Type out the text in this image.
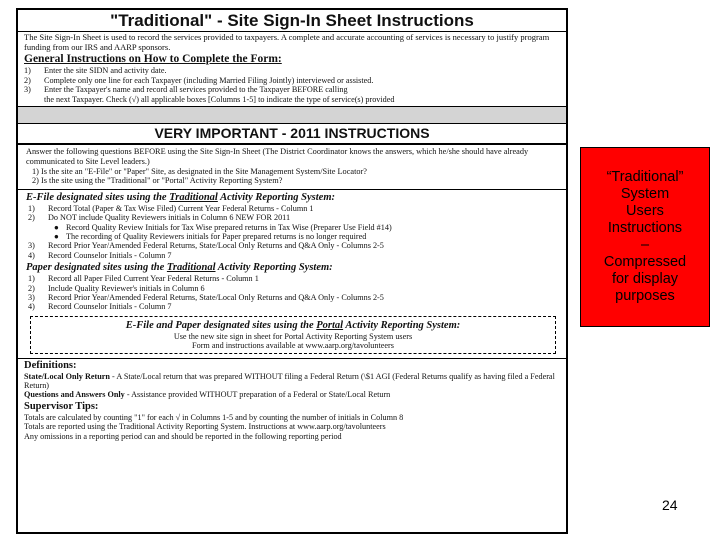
"Traditional" - Site Sign-In Sheet Instructions
The Site Sign-In Sheet is used to record the services provided to taxpayers. A complete and accurate accounting of services is necessary to justify program funding from our IRS and AARP sponsors.
General Instructions on How to Complete the Form:
1)	Enter the site SIDN and activity date.
2)	Complete only one line for each Taxpayer (including Married Filing Jointly) interviewed or assisted.
3)	Enter the Taxpayer's name and record all services provided to the Taxpayer BEFORE calling
the next Taxpayer. Check (√) all applicable boxes [Columns 1-5] to indicate the type of service(s) provided
VERY IMPORTANT - 2011 INSTRUCTIONS
Answer the following questions BEFORE using the Site Sign-In Sheet (The District Coordinator knows the answers, which he/she should have already communicated to Site Level leaders.)
1) Is the site an "E-File" or "Paper" Site, as designated in the Site Management System/Site Locator?
2) Is the site using the "Traditional" or "Portal" Activity Reporting System?
E-File designated sites using the Traditional Activity Reporting System:
1)	Record Total (Paper & Tax Wise Filed) Current Year Federal Returns - Column 1
2)	Do NOT include Quality Reviewers initials in Column 6 NEW FOR 2011
● Record Quality Review Initials for Tax Wise prepared returns in Tax Wise (Preparer Use Field #14)
● The recording of Quality Reviewers initials for Paper prepared returns is no longer required
3)	Record Prior Year/Amended Federal Returns, State/Local Only Returns and Q&A Only - Columns 2-5
4)	Record Counselor Initials - Column 7
Paper designated sites using the Traditional Activity Reporting System:
1)	Record all Paper Filed Current Year Federal Returns - Column 1
2)	Include Quality Reviewer's initials in Column 6
3)	Record Prior Year/Amended Federal Returns, State/Local Only Returns and Q&A Only - Columns 2-5
4)	Record Counselor Initials - Column 7
E-File and Paper designated sites using the Portal Activity Reporting System:
Use the new site sign in sheet for Portal Activity Reporting System users
Form and instructions available at www.aarp.org/tavolunteers
Definitions:
State/Local Only Return - A State/Local return that was prepared WITHOUT filing a Federal Return (\$1 AGI (Federal Returns qualify as having filed a Federal Return)
Questions and Answers Only - Assistance provided WITHOUT preparation of a Federal or State/Local Return
Supervisor Tips:
Totals are calculated by counting "1" for each √ in Columns 1-5 and by counting the number of initials in Column 8
Totals are reported using the Traditional Activity Reporting System. Instructions at www.aarp.org/tavolunteers
Any omissions in a reporting period can and should be reported in the following reporting period
“Traditional”
System
Users
Instructions
–
Compressed
for display
purposes
24
